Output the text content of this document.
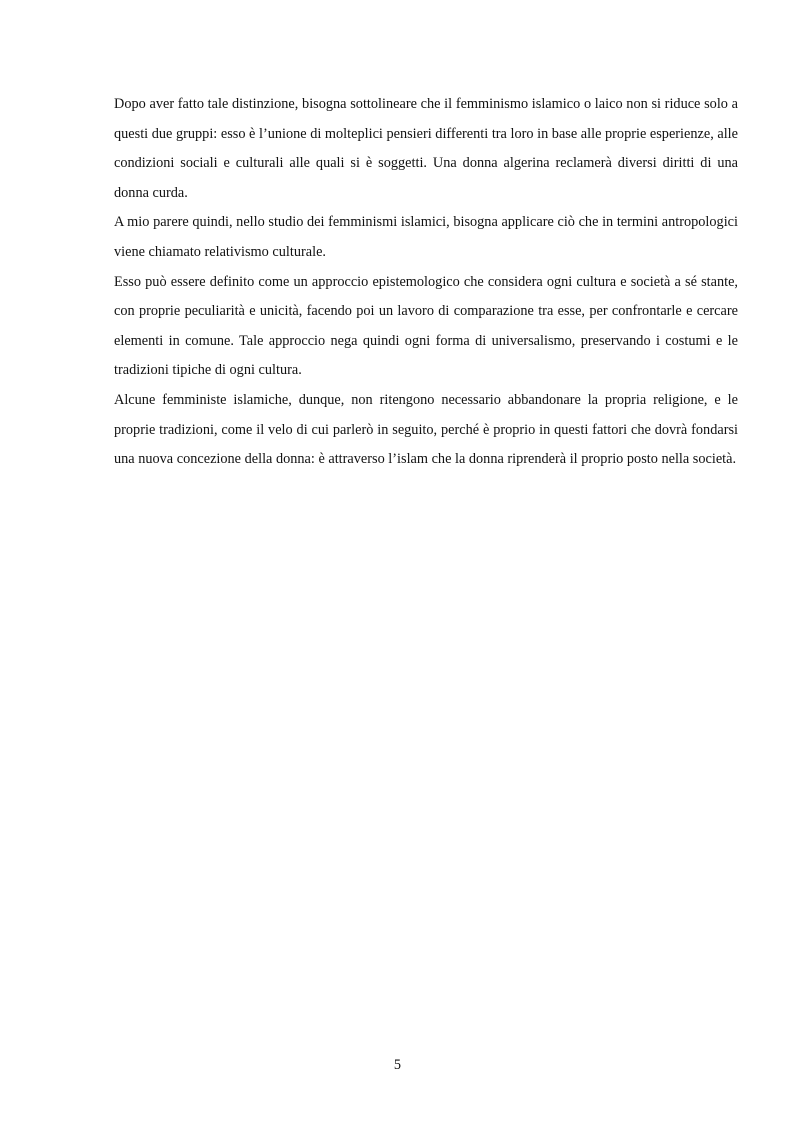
Dopo aver fatto tale distinzione, bisogna sottolineare che il femminismo islamico o laico non si riduce solo a questi due gruppi: esso è l’unione di molteplici pensieri differenti tra loro in base alle proprie esperienze, alle condizioni sociali e culturali alle quali si è soggetti. Una donna algerina reclamerà diversi diritti di una donna curda.

A mio parere quindi, nello studio dei femminismi islamici, bisogna applicare ciò che in termini antropologici viene chiamato relativismo culturale.

Esso può essere definito come un approccio epistemologico che considera ogni cultura e società a sé stante, con proprie peculiarità e unicità, facendo poi un lavoro di comparazione tra esse, per confrontarle e cercare elementi in comune. Tale approccio nega quindi ogni forma di universalismo, preservando i costumi e le tradizioni tipiche di ogni cultura.

Alcune femministe islamiche, dunque, non ritengono necessario abbandonare la propria religione, e le proprie tradizioni, come il velo di cui parlerò in seguito, perché è proprio in questi fattori che dovrà fondarsi una nuova concezione della donna: è attraverso l’islam che la donna riprenderà il proprio posto nella società.

5
